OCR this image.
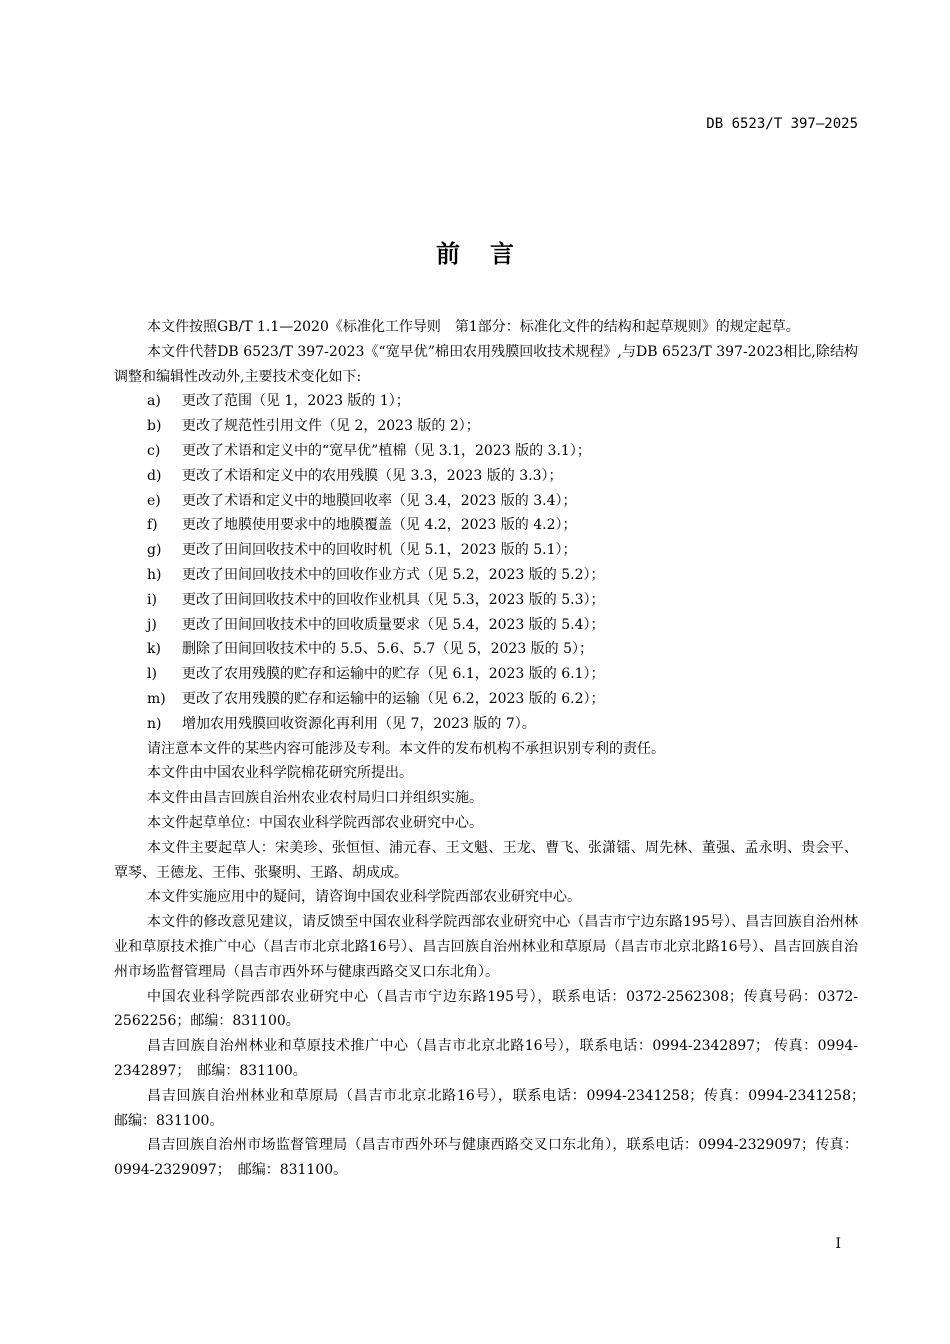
DB 6523/T 397—2025
前言

本文件按照GB/T 1.1—2020《标准化工作导则　第1部分：标准化文件的结构和起草规则》的规定起草。

本文件代替DB 6523/T 397-2023《“宽早优”棉田农用残膜回收技术规程》,与DB 6523/T 397-2023相比,除结构调整和编辑性改动外,主要技术变化如下:

a)	更改了范围（见 1，2023 版的 1）；
b)	更改了规范性引用文件（见 2，2023 版的 2）；
c)	更改了术语和定义中的“宽早优”植棉（见 3.1，2023 版的 3.1）；
d)	更改了术语和定义中的农用残膜（见 3.3，2023 版的 3.3）；
e)	更改了术语和定义中的地膜回收率（见 3.4，2023 版的 3.4）；
f)	更改了地膜使用要求中的地膜覆盖（见 4.2，2023 版的 4.2）；
g)	更改了田间回收技术中的回收时机（见 5.1，2023 版的 5.1）；
h)	更改了田间回收技术中的回收作业方式（见 5.2，2023 版的 5.2）；
i)	更改了田间回收技术中的回收作业机具（见 5.3，2023 版的 5.3）；
j)	更改了田间回收技术中的回收质量要求（见 5.4，2023 版的 5.4）；
k)	删除了田间回收技术中的 5.5、5.6、5.7（见 5，2023 版的 5）；
l)	更改了农用残膜的贮存和运输中的贮存（见 6.1，2023 版的 6.1）；
m)	更改了农用残膜的贮存和运输中的运输（见 6.2，2023 版的 6.2）；
n)	增加农用残膜回收资源化再利用（见 7，2023 版的 7）。

请注意本文件的某些内容可能涉及专利。本文件的发布机构不承担识别专利的责任。

本文件由中国农业科学院棉花研究所提出。

本文件由昌吉回族自治州农业农村局归口并组织实施。

本文件起草单位：中国农业科学院西部农业研究中心。

本文件主要起草人：宋美珍、张恒恒、浦元春、王文魁、王龙、曹飞、张潇镭、周先林、董强、孟永明、贵会平、覃琴、王德龙、王伟、张聚明、王路、胡成成。

本文件实施应用中的疑问，请咨询中国农业科学院西部农业研究中心。

本文件的修改意见建议，请反馈至中国农业科学院西部农业研究中心（昌吉市宁边东路195号）、昌吉回族自治州林业和草原技术推广中心（昌吉市北京北路16号）、昌吉回族自治州林业和草原局（昌吉市北京北路16号）、昌吉回族自治州市场监督管理局（昌吉市西外环与健康西路交叉口东北角）。

中国农业科学院西部农业研究中心（昌吉市宁边东路195号），联系电话：0372-2562308；传真号码：0372-2562256；邮编：831100。

昌吉回族自治州林业和草原技术推广中心（昌吉市北京北路16号），联系电话：0994-2342897； 传真：0994-2342897；　邮编：831100。

昌吉回族自治州林业和草原局（昌吉市北京北路16号），联系电话：0994-2341258；传真：0994-2341258；　邮编：831100。

昌吉回族自治州市场监督管理局（昌吉市西外环与健康西路交叉口东北角），联系电话：0994-2329097；传真：0994-2329097；　邮编：831100。

I
